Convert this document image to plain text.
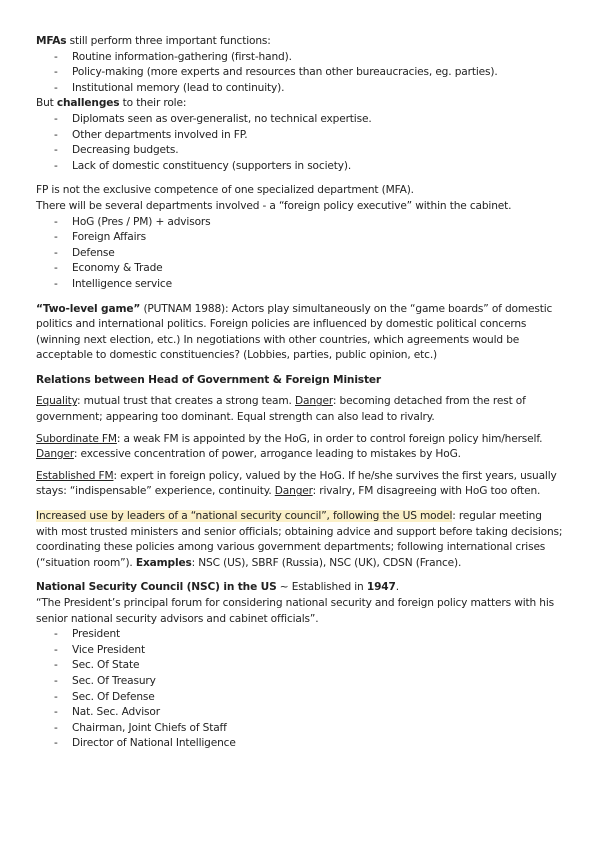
MFAs still perform three important functions:

- Routine information-gathering (first-hand).
- Policy-making (more experts and resources than other bureaucracies, eg. parties).
- Institutional memory (lead to continuity).

But challenges to their role:

- Diplomats seen as over-generalist, no technical expertise.
- Other departments involved in FP.
- Decreasing budgets.
- Lack of domestic constituency (supporters in society).

FP is not the exclusive competence of one specialized department (MFA).

There will be several departments involved - a “foreign policy executive” within the cabinet.

- HoG (Pres / PM) + advisors
- Foreign Affairs
- Defense
- Economy & Trade
- Intelligence service

“Two-level game” (PUTNAM 1988): Actors play simultaneously on the “game boards” of domestic politics and international politics. Foreign policies are influenced by domestic political concerns (winning next election, etc.) In negotiations with other countries, which agreements would be acceptable to domestic constituencies? (Lobbies, parties, public opinion, etc.)

Relations between Head of Government & Foreign Minister

Equality: mutual trust that creates a strong team. Danger: becoming detached from the rest of government; appearing too dominant. Equal strength can also lead to rivalry.

Subordinate FM: a weak FM is appointed by the HoG, in order to control foreign policy him/herself. Danger: excessive concentration of power, arrogance leading to mistakes by HoG.

Established FM: expert in foreign policy, valued by the HoG. If he/she survives the first years, usually stays: “indispensable” experience, continuity. Danger: rivalry, FM disagreeing with HoG too often.

Increased use by leaders of a “national security council”, following the US model: regular meeting with most trusted ministers and senior officials; obtaining advice and support before taking decisions; coordinating these policies among various government departments; following international crises (“situation room”). Examples: NSC (US), SBRF (Russia), NSC (UK), CDSN (France).

National Security Council (NSC) in the US ~ Established in 1947.

“The President’s principal forum for considering national security and foreign policy matters with his senior national security advisors and cabinet officials”.

- President
- Vice President
- Sec. Of State
- Sec. Of Treasury
- Sec. Of Defense
- Nat. Sec. Advisor
- Chairman, Joint Chiefs of Staff
- Director of National Intelligence
